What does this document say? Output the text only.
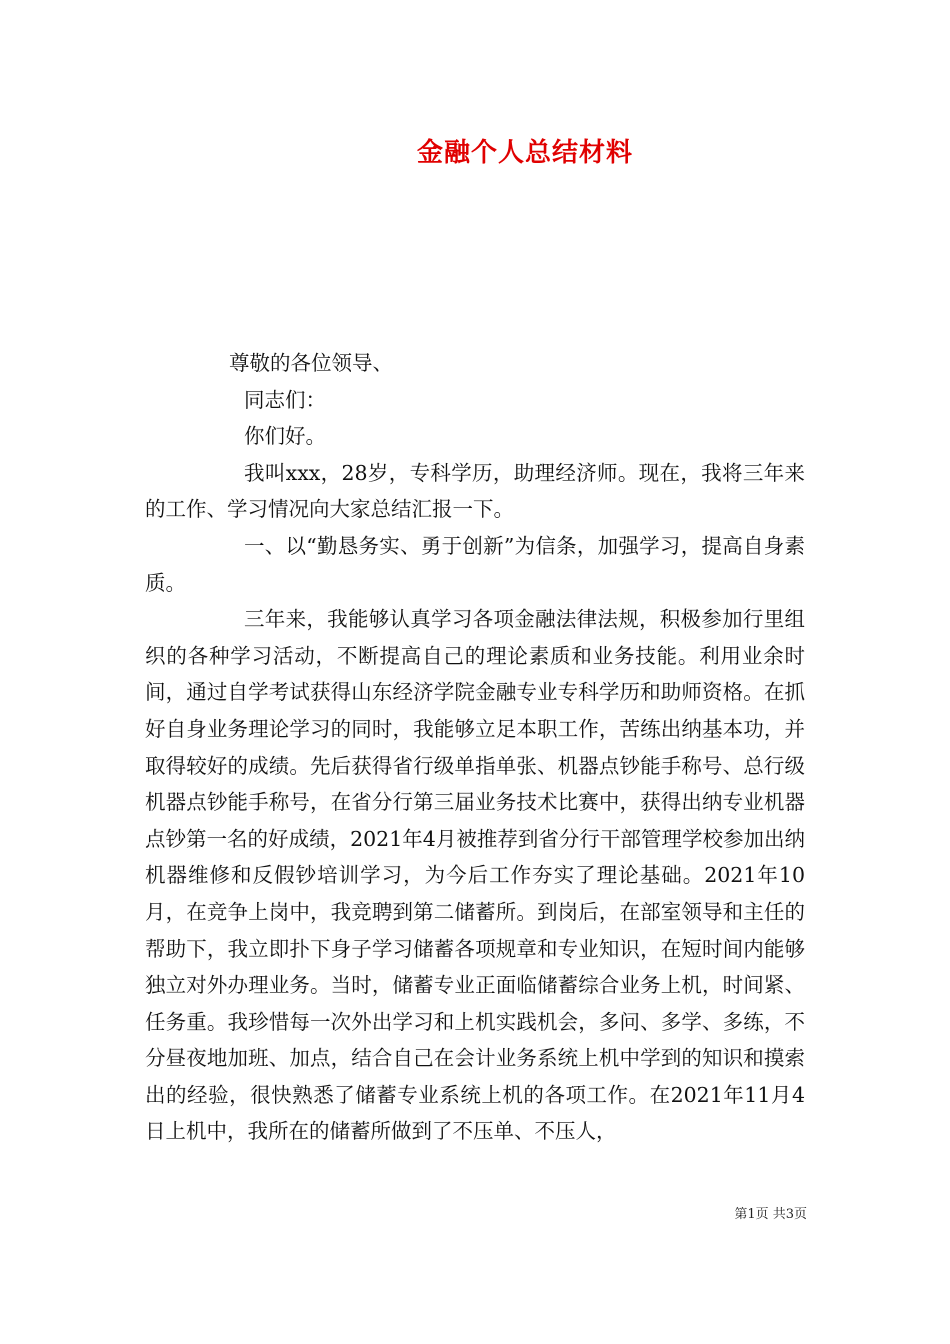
金融个人总结材料

尊敬的各位领导、

同志们：

你们好。

我叫xxx，28岁，专科学历，助理经济师。现在，我将三年来的工作、学习情况向大家总结汇报一下。

一、以“勤恳务实、勇于创新”为信条，加强学习，提高自身素质。

三年来，我能够认真学习各项金融法律法规，积极参加行里组织的各种学习活动，不断提高自己的理论素质和业务技能。利用业余时间，通过自学考试获得山东经济学院金融专业专科学历和助师资格。在抓好自身业务理论学习的同时，我能够立足本职工作，苦练出纳基本功，并取得较好的成绩。先后获得省行级单指单张、机器点钞能手称号、总行级机器点钞能手称号，在省分行第三届业务技术比赛中，获得出纳专业机器点钞第一名的好成绩，2021年4月被推荐到省分行干部管理学校参加出纳机器维修和反假钞培训学习，为今后工作夯实了理论基础。2021年10月，在竞争上岗中，我竞聘到第二储蓄所。到岗后，在部室领导和主任的帮助下，我立即扑下身子学习储蓄各项规章和专业知识，在短时间内能够独立对外办理业务。当时，储蓄专业正面临储蓄综合业务上机，时间紧、任务重。我珍惜每一次外出学习和上机实践机会，多问、多学、多练，不分昼夜地加班、加点，结合自己在会计业务系统上机中学到的知识和摸索出的经验，很快熟悉了储蓄专业系统上机的各项工作。在2021年11月4日上机中，我所在的储蓄所做到了不压单、不压人，

第1页 共3页
